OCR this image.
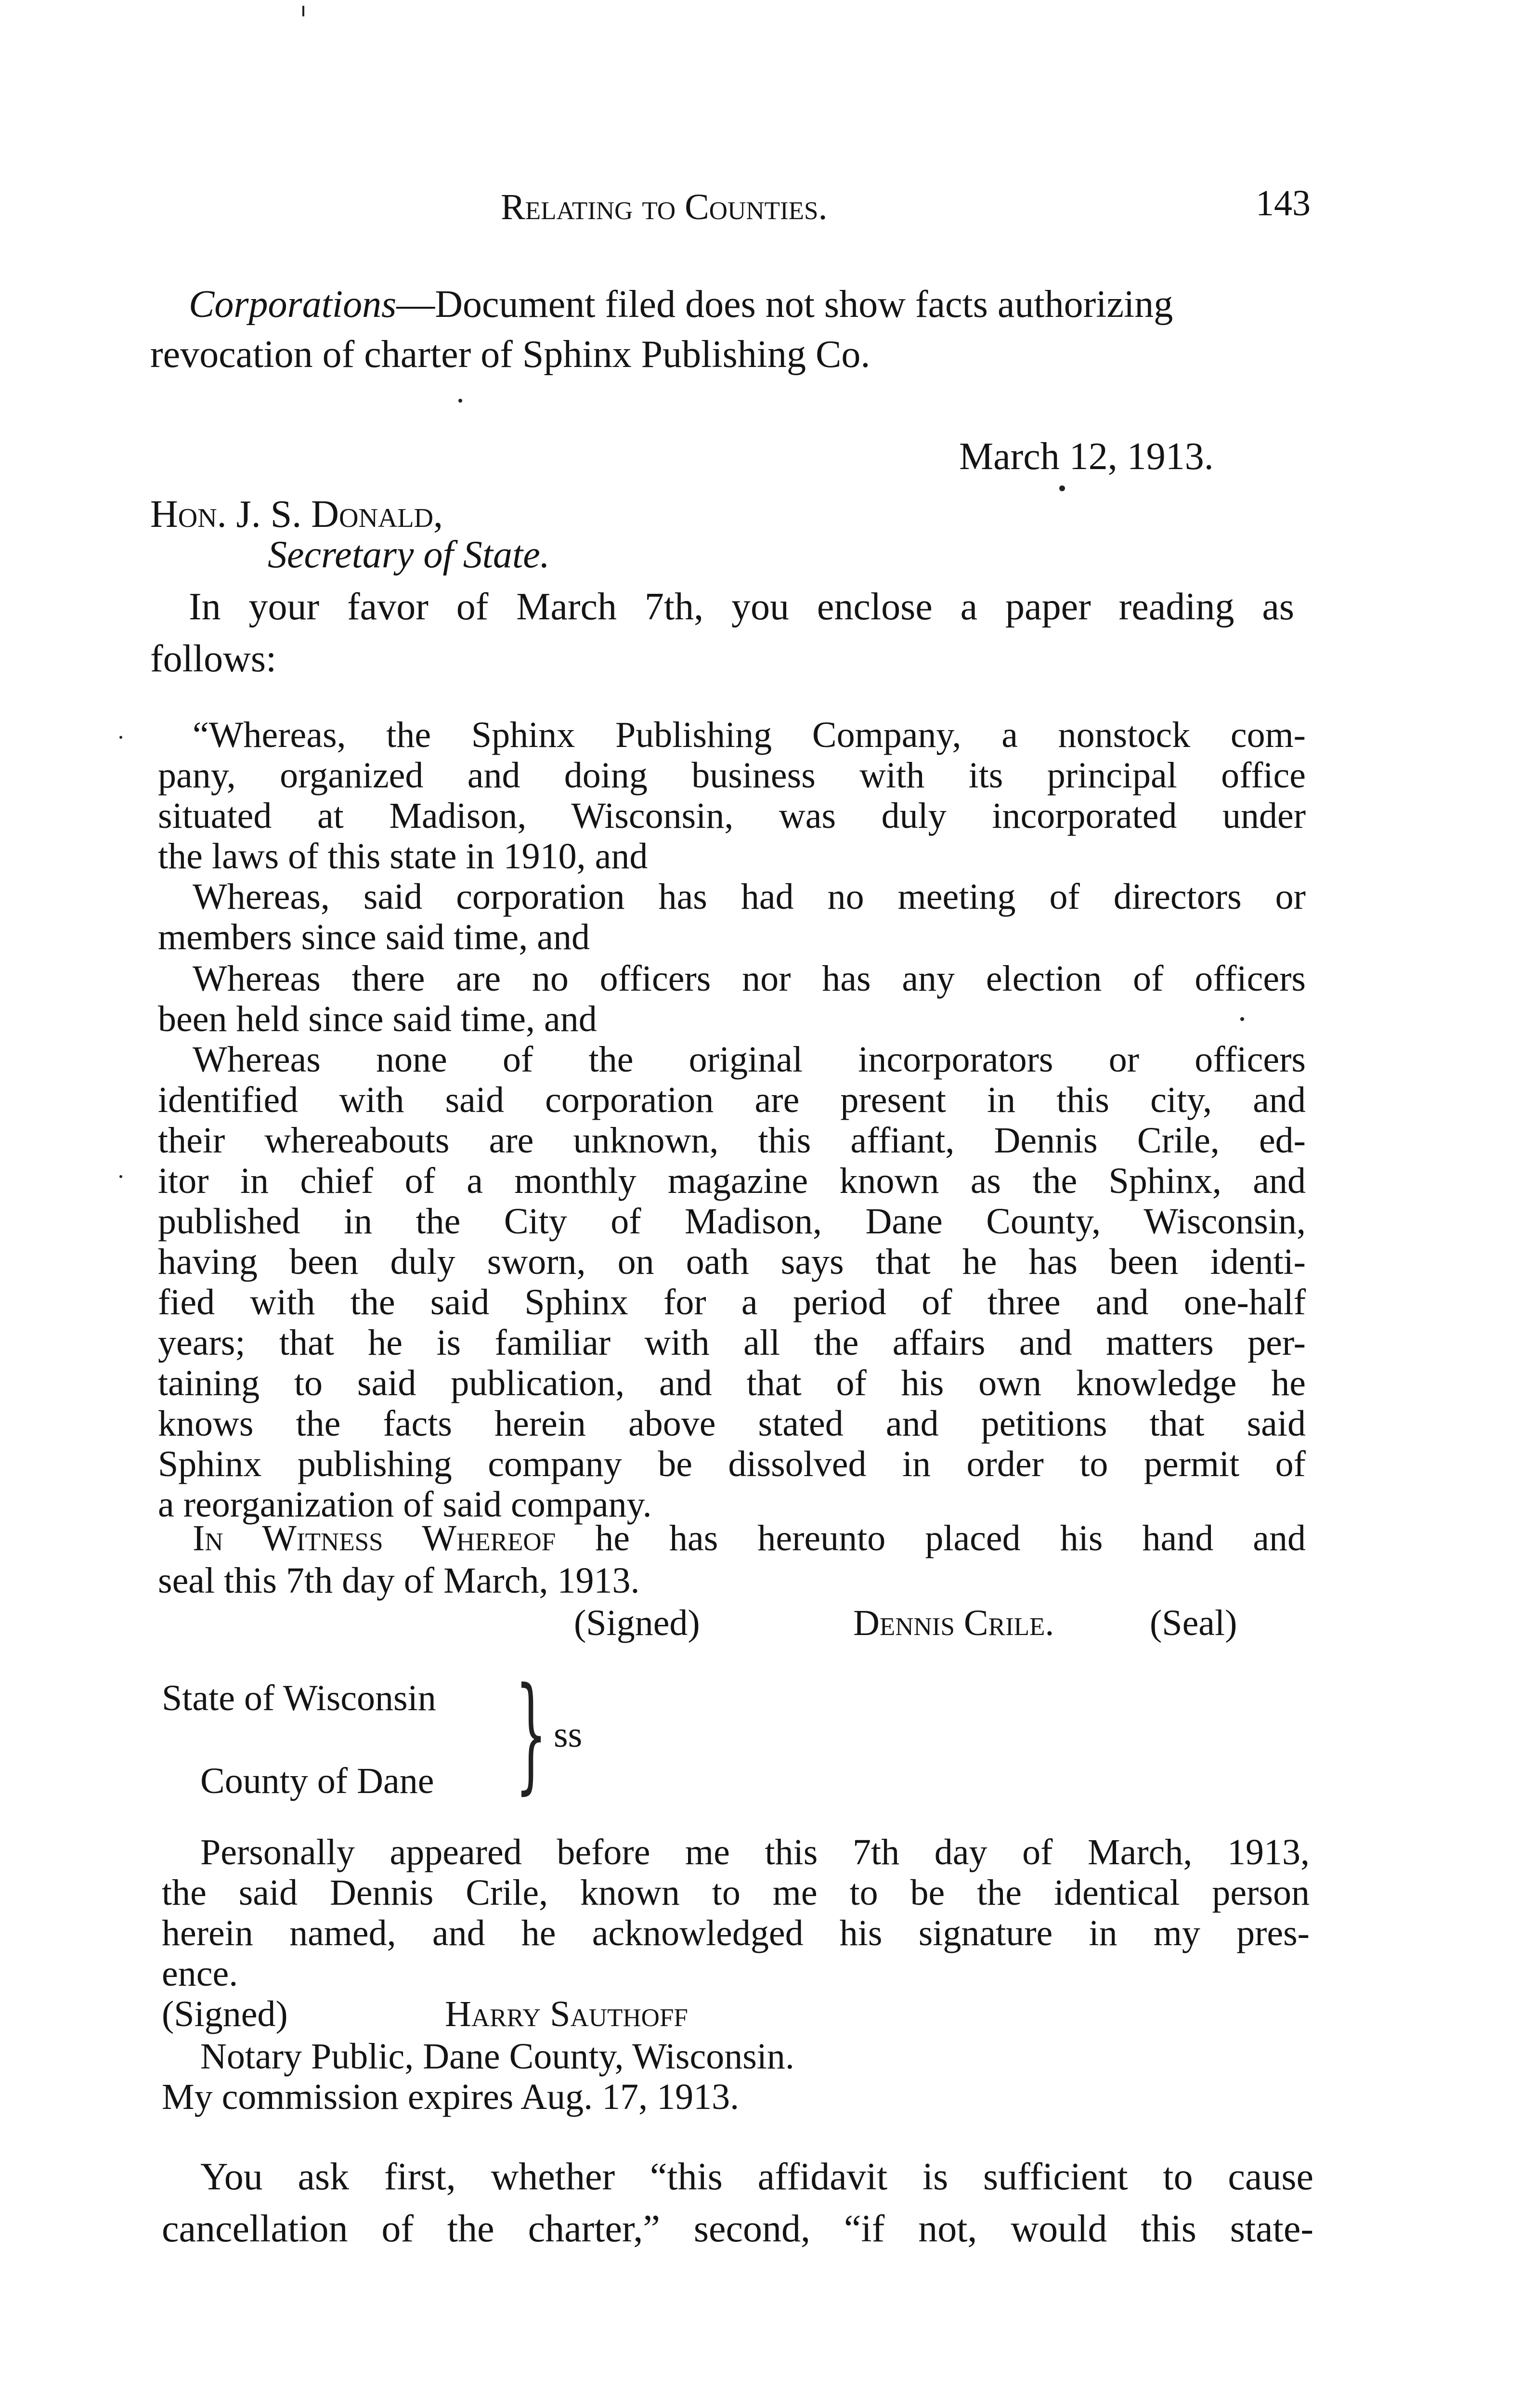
Relating to Counties.	143
Corporations—Document filed does not show facts authorizing
revocation of charter of Sphinx Publishing Co.
March 12, 1913.
Hon. J. S. Donald,
Secretary of State.
In your favor of March 7th, you enclose a paper reading as
follows:
“Whereas, the Sphinx Publishing Company, a nonstock com-
pany, organized and doing business with its principal office
situated at Madison, Wisconsin, was duly incorporated under
the laws of this state in 1910, and
Whereas, said corporation has had no meeting of directors or
members since said time, and
Whereas there are no officers nor has any election of officers
been held since said time, and
Whereas none of the original incorporators or officers
identified with said corporation are present in this city, and
their whereabouts are unknown, this affiant, Dennis Crile, ed-
itor in chief of a monthly magazine known as the Sphinx, and
published in the City of Madison, Dane County, Wisconsin,
having been duly sworn, on oath says that he has been identi-
fied with the said Sphinx for a period of three and one-half
years; that he is familiar with all the affairs and matters per-
taining to said publication, and that of his own knowledge he
knows the facts herein above stated and petitions that said
Sphinx publishing company be dissolved in order to permit of
a reorganization of said company.
In Witness Whereof he has hereunto placed his hand and
seal this 7th day of March, 1913.
(Signed)	Dennis Crile.	(Seal)
State of Wisconsin
ss
County of Dane }
Personally appeared before me this 7th day of March, 1913,
the said Dennis Crile, known to me to be the identical person
herein named, and he acknowledged his signature in my pres-
ence.
(Signed)	Harry Sauthoff
Notary Public, Dane County, Wisconsin.
My commission expires Aug. 17, 1913.
You ask first, whether “this affidavit is sufficient to cause
cancellation of the charter,” second, “if not, would this state-
